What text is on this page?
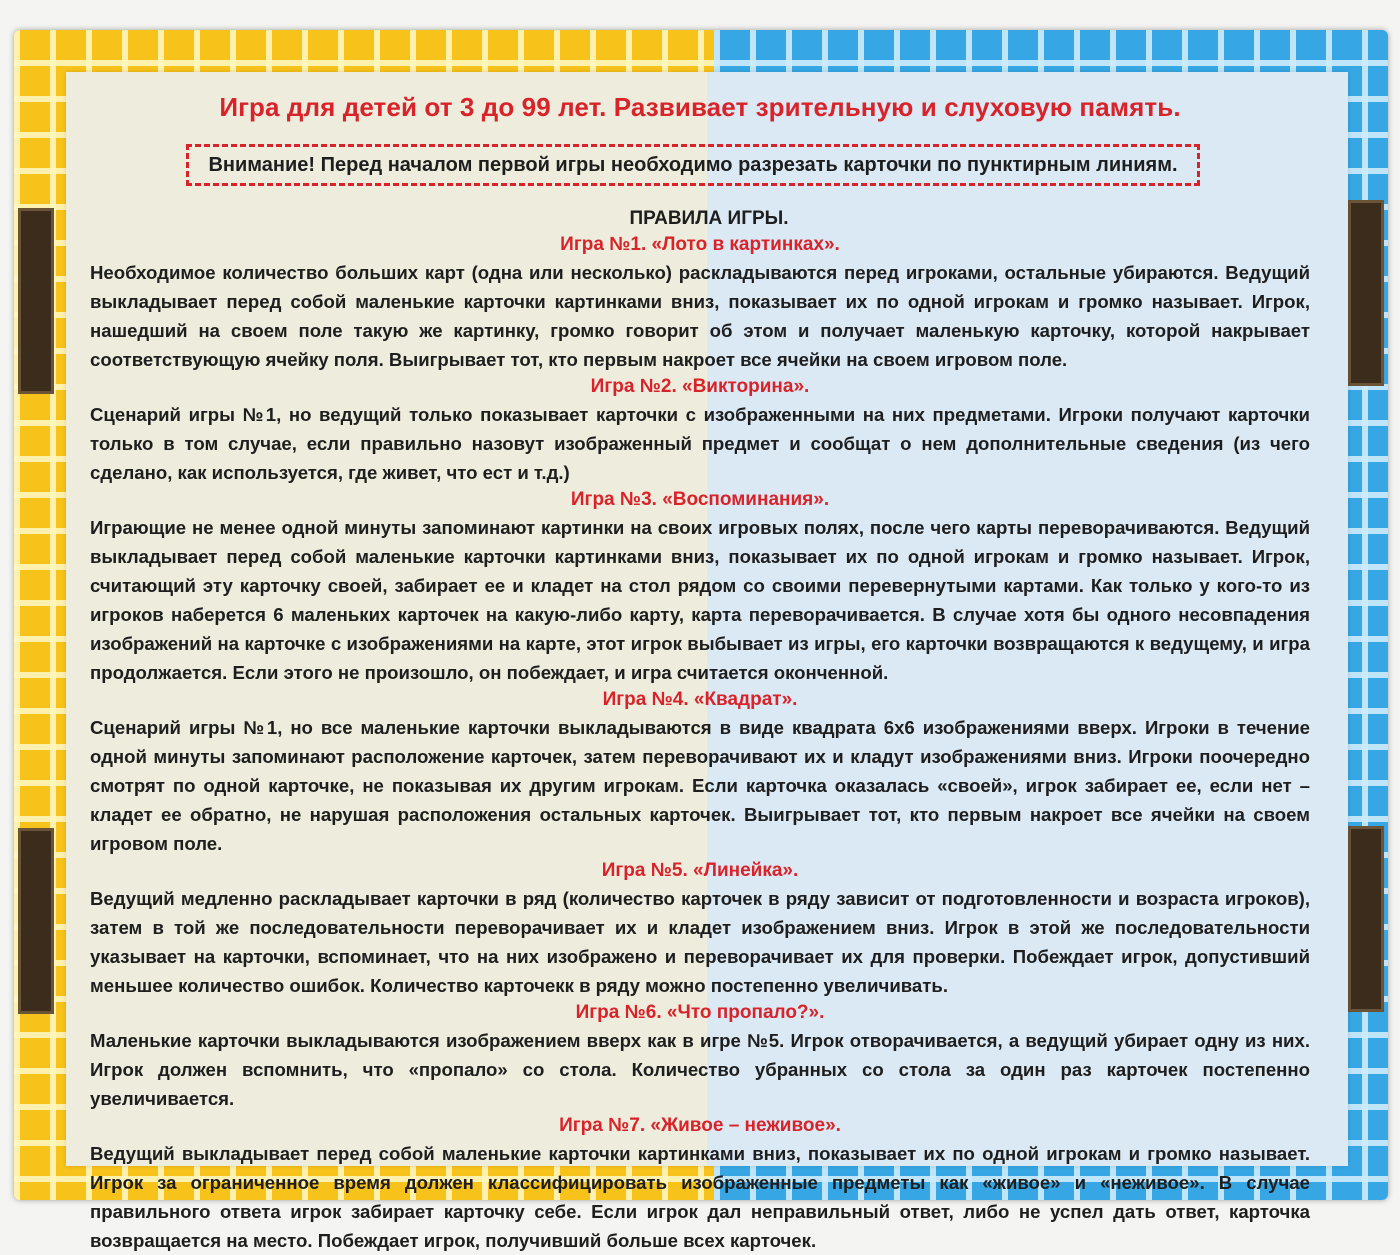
Игра для детей от 3 до 99 лет. Развивает зрительную и слуховую память.
Внимание! Перед началом первой игры необходимо разрезать карточки по пунктирным линиям.
ПРАВИЛА ИГРЫ.
Игра №1. «Лото в картинках».

Необходимое количество больших карт (одна или несколько) раскладываются перед игроками, остальные убираются. Ведущий выкладывает перед собой маленькие карточки картинками вниз, показывает их по одной игрокам и громко называет. Игрок, нашедший на своем поле такую же картинку, громко говорит об этом и получает маленькую карточку, которой накрывает соответствующую ячейку поля. Выигрывает тот, кто первым накроет все ячейки на своем игровом поле.

Игра №2. «Викторина».

Сценарий игры №1, но ведущий только показывает карточки с изображенными на них предметами. Игроки получают карточки только в том случае, если правильно назовут изображенный предмет и сообщат о нем дополнительные сведения (из чего сделано, как используется, где живет, что ест и т.д.)

Игра №3. «Воспоминания».

Играющие не менее одной минуты запоминают картинки на своих игровых полях, после чего карты переворачиваются. Ведущий выкладывает перед собой маленькие карточки картинками вниз, показывает их по одной игрокам и громко называет. Игрок, считающий эту карточку своей, забирает ее и кладет на стол рядом со своими перевернутыми картами. Как только у кого-то из игроков наберется 6 маленьких карточек на какую-либо карту, карта переворачивается. В случае хотя бы одного несовпадения изображений на карточке с изображениями на карте, этот игрок выбывает из игры, его карточки возвращаются к ведущему, и игра продолжается. Если этого не произошло, он побеждает, и игра считается оконченной.

Игра №4. «Квадрат».

Сценарий игры №1, но все маленькие карточки выкладываются в виде квадрата 6х6 изображениями вверх. Игроки в течение одной минуты запоминают расположение карточек, затем переворачивают их и кладут изображениями вниз. Игроки поочередно смотрят по одной карточке, не показывая их другим игрокам. Если карточка оказалась «своей», игрок забирает ее, если нет – кладет ее обратно, не нарушая расположения остальных карточек. Выигрывает тот, кто первым накроет все ячейки на своем игровом поле.

Игра №5. «Линейка».

Ведущий медленно раскладывает карточки в ряд (количество карточек в ряду зависит от подготовленности и возраста игроков), затем в той же последовательности переворачивает их и кладет изображением вниз. Игрок в этой же последовательности указывает на карточки, вспоминает, что на них изображено и переворачивает их для проверки. Побеждает игрок, допустивший меньшее количество ошибок. Количество карточекк в ряду можно постепенно увеличивать.

Игра №6. «Что пропало?».

Маленькие карточки выкладываются изображением вверх как в игре №5. Игрок отворачивается, а ведущий убирает одну из них. Игрок должен вспомнить, что «пропало» со стола. Количество убранных со стола за один раз карточек постепенно увеличивается.

Игра №7. «Живое – неживое».

Ведущий выкладывает перед собой маленькие карточки картинками вниз, показывает их по одной игрокам и громко называет. Игрок за ограниченное время должен классифицировать изображенные предметы как «живое» и «неживое». В случае правильного ответа игрок забирает карточку себе. Если игрок дал неправильный ответ, либо не успел дать ответ, карточка возвращается на место. Побеждает игрок, получивший больше всех карточек.
